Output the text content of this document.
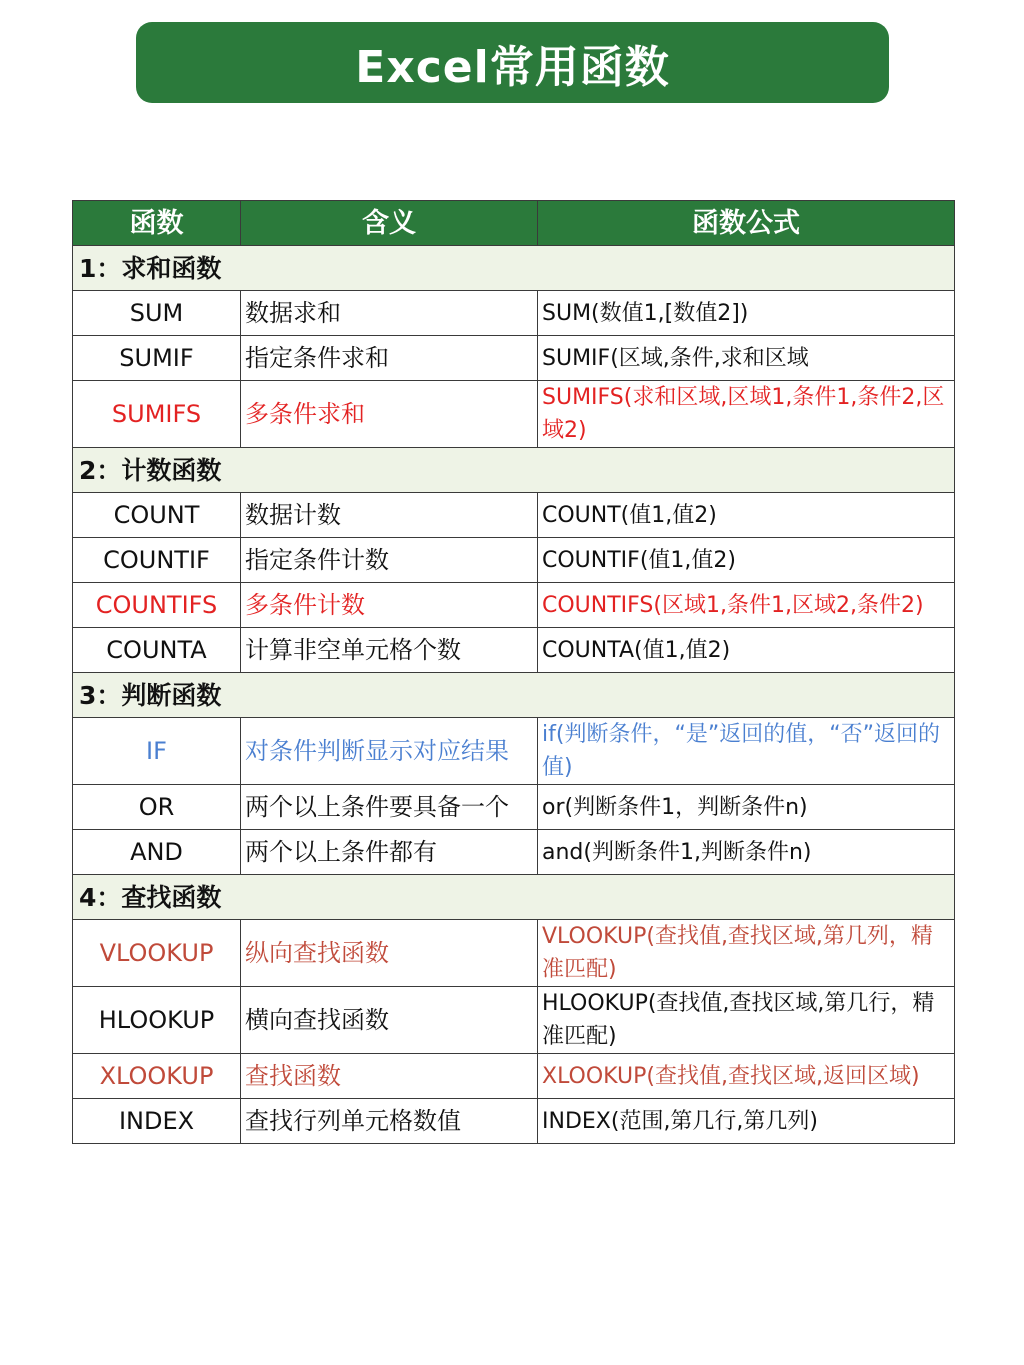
Excel常用函数
函数	含义	函数公式
1：求和函数		
SUM	数据求和	SUM(数值1,[数值2])
SUMIF	指定条件求和	SUMIF(区域,条件,求和区域
SUMIFS	多条件求和	SUMIFS(求和区域,区域1,条件1,条件2,区域2)
2：计数函数		
COUNT	数据计数	COUNT(值1,值2)
COUNTIF	指定条件计数	COUNTIF(值1,值2)
COUNTIFS	多条件计数	COUNTIFS(区域1,条件1,区域2,条件2)
COUNTA	计算非空单元格个数	COUNTA(值1,值2)
3：判断函数		
IF	对条件判断显示对应结果	if(判断条件，“是”返回的值，“否”返回的值)
OR	两个以上条件要具备一个	or(判断条件1，判断条件n)
AND	两个以上条件都有	and(判断条件1,判断条件n)
4：查找函数		
VLOOKUP	纵向查找函数	VLOOKUP(查找值,查找区域,第几列，精准匹配)
HLOOKUP	横向查找函数	HLOOKUP(查找值,查找区域,第几行，精准匹配)
XLOOKUP	查找函数	XLOOKUP(查找值,查找区域,返回区域)
INDEX	查找行列单元格数值	INDEX(范围,第几行,第几列)
